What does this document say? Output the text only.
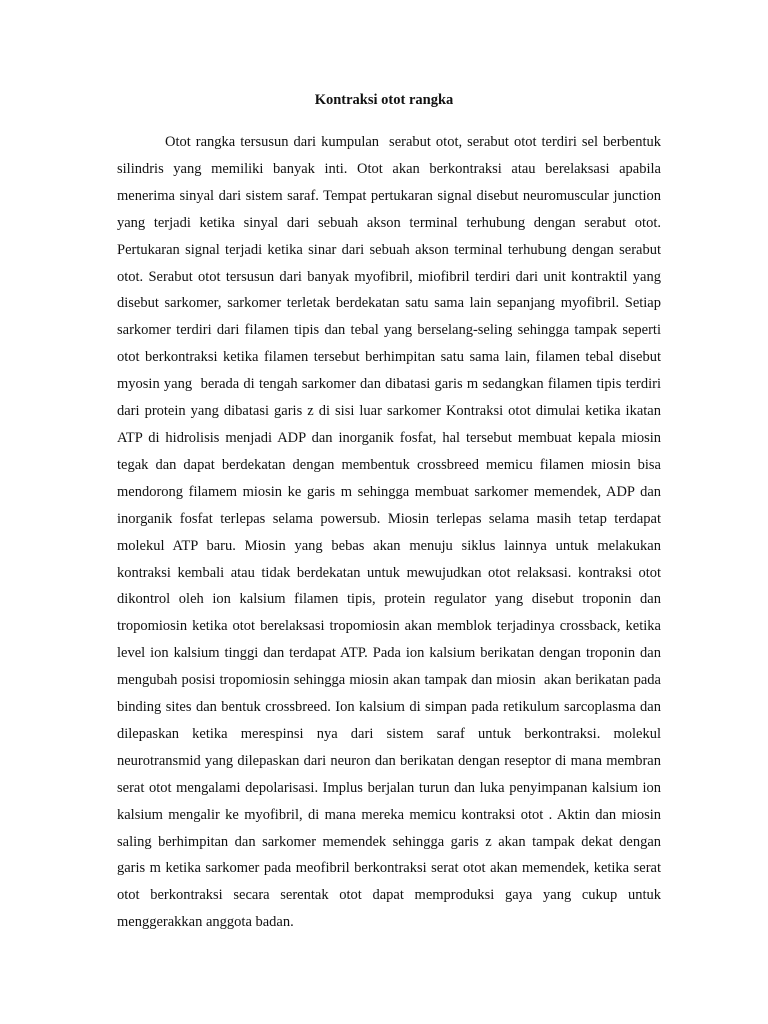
Kontraksi otot rangka

Otot rangka tersusun dari kumpulan  serabut otot, serabut otot terdiri sel berbentuk silindris yang memiliki banyak inti. Otot akan berkontraksi atau berelaksasi apabila menerima sinyal dari sistem saraf. Tempat pertukaran signal disebut neuromuscular junction yang terjadi ketika sinyal dari sebuah akson terminal terhubung dengan serabut otot. Pertukaran signal terjadi ketika sinar dari sebuah akson terminal terhubung dengan serabut otot. Serabut otot tersusun dari banyak myofibril, miofibril terdiri dari unit kontraktil yang disebut sarkomer, sarkomer terletak berdekatan satu sama lain sepanjang myofibril. Setiap sarkomer terdiri dari filamen tipis dan tebal yang berselang-seling sehingga tampak seperti otot berkontraksi ketika filamen tersebut berhimpitan satu sama lain, filamen tebal disebut myosin yang  berada di tengah sarkomer dan dibatasi garis m sedangkan filamen tipis terdiri dari protein yang dibatasi garis z di sisi luar sarkomer Kontraksi otot dimulai ketika ikatan ATP di hidrolisis menjadi ADP dan inorganik fosfat, hal tersebut membuat kepala miosin tegak dan dapat berdekatan dengan membentuk crossbreed memicu filamen miosin bisa mendorong filamem miosin ke garis m sehingga membuat sarkomer memendek, ADP dan inorganik fosfat terlepas selama powersub. Miosin terlepas selama masih tetap terdapat molekul ATP baru. Miosin yang bebas akan menuju siklus lainnya untuk melakukan kontraksi kembali atau tidak berdekatan untuk mewujudkan otot relaksasi. kontraksi otot dikontrol oleh ion kalsium filamen tipis, protein regulator yang disebut troponin dan tropomiosin ketika otot berelaksasi tropomiosin akan memblok terjadinya crossback, ketika level ion kalsium tinggi dan terdapat ATP. Pada ion kalsium berikatan dengan troponin dan mengubah posisi tropomiosin sehingga miosin akan tampak dan miosin  akan berikatan pada binding sites dan bentuk crossbreed. Ion kalsium di simpan pada retikulum sarcoplasma dan dilepaskan ketika merespinsi nya dari sistem saraf untuk berkontraksi. molekul neurotransmid yang dilepaskan dari neuron dan berikatan dengan reseptor di mana membran serat otot mengalami depolarisasi. Implus berjalan turun dan luka penyimpanan kalsium ion kalsium mengalir ke myofibril, di mana mereka memicu kontraksi otot . Aktin dan miosin saling berhimpitan dan sarkomer memendek sehingga garis z akan tampak dekat dengan garis m ketika sarkomer pada meofibril berkontraksi serat otot akan memendek, ketika serat otot berkontraksi secara serentak otot dapat memproduksi gaya yang cukup untuk menggerakkan anggota badan.
